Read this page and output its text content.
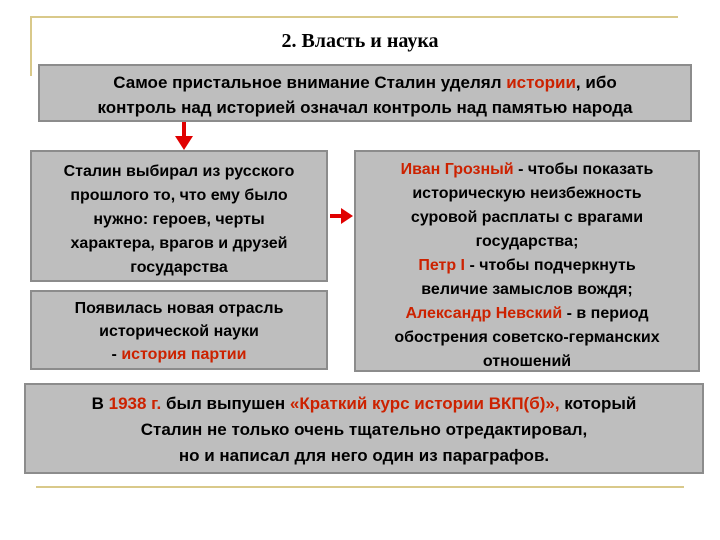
2. Власть и наука
Самое пристальное внимание Сталин уделял истории, ибо
контроль над историей означал контроль над памятью народа
Сталин выбирал из русского
прошлого то, что ему было
нужно: героев, черты
характера, врагов и друзей
государства
Появилась новая отрасль
исторической науки
- история партии
Иван Грозный - чтобы показать
историческую неизбежность
суровой расплаты с врагами
государства;
Петр I - чтобы подчеркнуть
величие замыслов вождя;
Александр Невский - в период
обострения советско-германских
отношений
В 1938 г. был выпушен «Краткий курс истории ВКП(б)», который
Сталин не только очень тщательно отредактировал,
но и написал для него один из параграфов.
